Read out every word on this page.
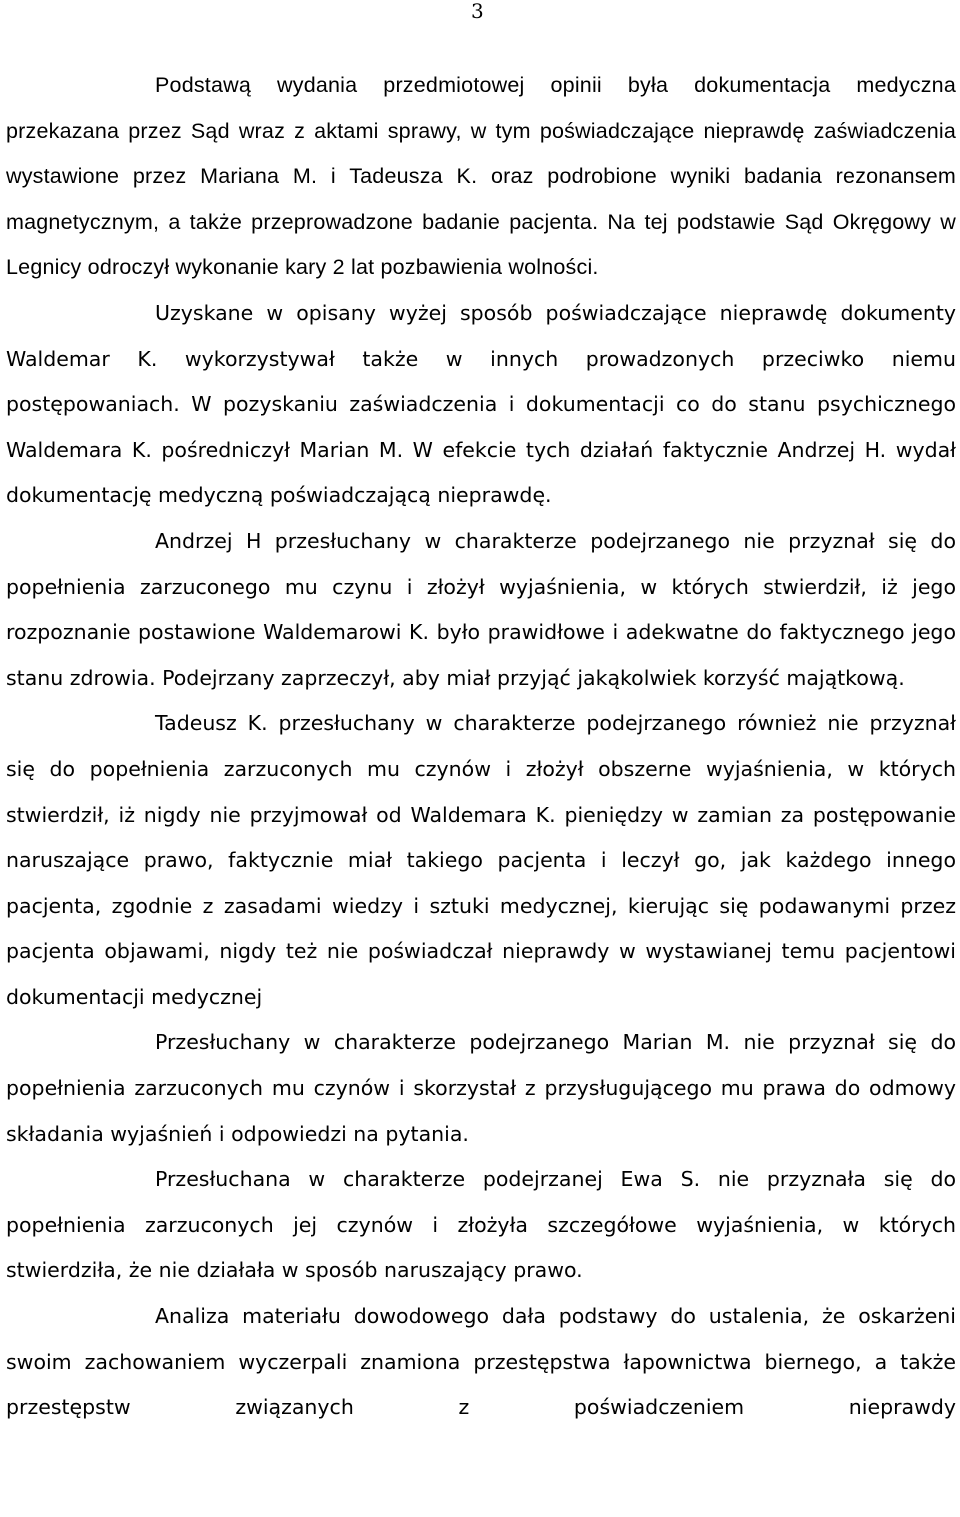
3

Podstawą wydania przedmiotowej opinii była dokumentacja medyczna przekazana przez Sąd wraz z aktami sprawy, w tym poświadczające nieprawdę zaświadczenia wystawione przez Mariana M. i Tadeusza K. oraz podrobione wyniki badania rezonansem magnetycznym, a także przeprowadzone badanie pacjenta. Na tej podstawie Sąd Okręgowy w Legnicy odroczył wykonanie kary 2 lat pozbawienia wolności.

Uzyskane w opisany wyżej sposób poświadczające nieprawdę dokumenty Waldemar K. wykorzystywał także w innych prowadzonych przeciwko niemu postępowaniach. W pozyskaniu zaświadczenia i dokumentacji co do stanu psychicznego Waldemara K. pośredniczył Marian M. W efekcie tych działań faktycznie Andrzej H. wydał dokumentację medyczną poświadczającą nieprawdę.

Andrzej H przesłuchany w charakterze podejrzanego nie przyznał się do popełnienia zarzuconego mu czynu i złożył wyjaśnienia, w których stwierdził, iż jego rozpoznanie postawione Waldemarowi K. było prawidłowe i adekwatne do faktycznego jego stanu zdrowia. Podejrzany zaprzeczył, aby miał przyjąć jakąkolwiek korzyść majątkową.

Tadeusz K. przesłuchany w charakterze podejrzanego również nie przyznał się do popełnienia zarzuconych mu czynów i złożył obszerne wyjaśnienia, w których stwierdził, iż nigdy nie przyjmował od Waldemara K. pieniędzy w zamian za postępowanie naruszające prawo, faktycznie miał takiego pacjenta i leczył go, jak każdego innego pacjenta, zgodnie z zasadami wiedzy i sztuki medycznej, kierując się podawanymi przez pacjenta objawami, nigdy też nie poświadczał nieprawdy w wystawianej temu pacjentowi dokumentacji medycznej

Przesłuchany w charakterze podejrzanego Marian M. nie przyznał się do popełnienia zarzuconych mu czynów i skorzystał z przysługującego mu prawa do odmowy składania wyjaśnień i odpowiedzi na pytania.

Przesłuchana w charakterze podejrzanej Ewa S. nie przyznała się do popełnienia zarzuconych jej czynów i złożyła szczegółowe wyjaśnienia, w których stwierdziła, że nie działała w sposób naruszający prawo.

Analiza materiału dowodowego dała podstawy do ustalenia, że oskarżeni swoim zachowaniem wyczerpali znamiona przestępstwa łapownictwa biernego, a także przestępstw związanych z poświadczeniem nieprawdy
